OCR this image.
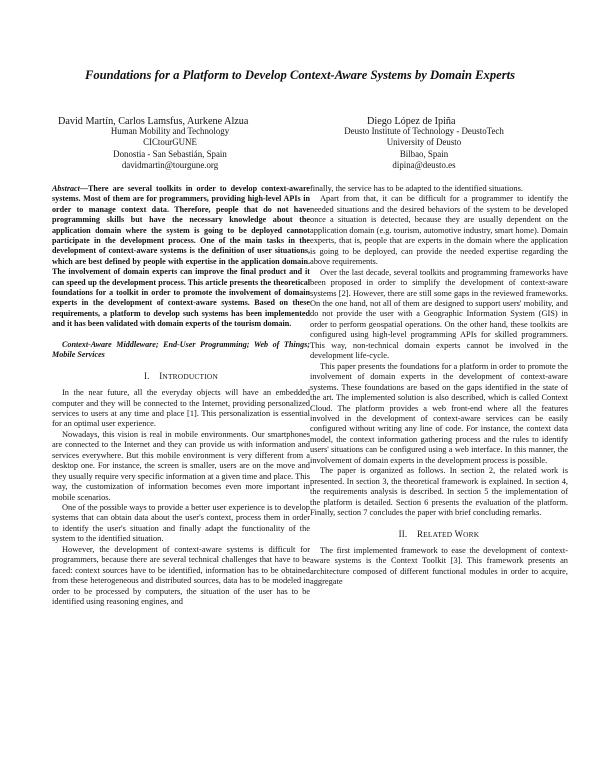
Foundations for a Platform to Develop Context-Aware Systems by Domain Experts
David Martín, Carlos Lamsfus, Aurkene Alzua
Human Mobility and Technology
CICtourGUNE
Donostia - San Sebastián, Spain
davidmartin@tourgune.org
Diego López de Ipiña
Deusto Institute of Technology - DeustoTech
University of Deusto
Bilbao, Spain
dipina@deusto.es

Abstract—There are several toolkits in order to develop context-aware systems. Most of them are for programmers, providing high-level APIs in order to manage context data. Therefore, people that do not have programming skills but have the necessary knowledge about the application domain where the system is going to be deployed cannot participate in the development process. One of the main tasks in the development of context-aware systems is the definition of user situations, which are best defined by people with expertise in the application domain. The involvement of domain experts can improve the final product and it can speed up the development process. This article presents the theoretical foundations for a toolkit in order to promote the involvement of domain experts in the development of context-aware systems. Based on these requirements, a platform to develop such systems has been implemented and it has been validated with domain experts of the tourism domain.

Context-Aware Middleware; End-User Programming; Web of Things; Mobile Services

I. INTRODUCTION

In the near future, all the everyday objects will have an embedded computer and they will be connected to the Internet, providing personalized services to users at any time and place [1]. This personalization is essential for an optimal user experience.

Nowadays, this vision is real in mobile environments. Our smartphones are connected to the Internet and they can provide us with information and services everywhere. But this mobile environment is very different from a desktop one. For instance, the screen is smaller, users are on the move and they usually require very specific information at a given time and place. This way, the customization of information becomes even more important in mobile scenarios.

One of the possible ways to provide a better user experience is to develop systems that can obtain data about the user's context, process them in order to identify the user's situation and finally adapt the functionality of the system to the identified situation.

However, the development of context-aware systems is difficult for programmers, because there are several technical challenges that have to be faced: context sources have to be identified, information has to be obtained from these heterogeneous and distributed sources, data has to be modeled in order to be processed by computers, the situation of the user has to be identified using reasoning engines, and

finally, the service has to be adapted to the identified situations.

Apart from that, it can be difficult for a programmer to identify the needed situations and the desired behaviors of the system to be developed once a situation is detected, because they are usually dependent on the application domain (e.g. tourism, automotive industry, smart home). Domain experts, that is, people that are experts in the domain where the application is going to be deployed, can provide the needed expertise regarding the above requirements.

Over the last decade, several toolkits and programming frameworks have been proposed in order to simplify the development of context-aware systems [2]. However, there are still some gaps in the reviewed frameworks. On the one hand, not all of them are designed to support users' mobility, and do not provide the user with a Geographic Information System (GIS) in order to perform geospatial operations. On the other hand, these toolkits are configured using high-level programming APIs for skilled programmers. This way, non-technical domain experts cannot be involved in the development life-cycle.

This paper presents the foundations for a platform in order to promote the involvement of domain experts in the development of context-aware systems. These foundations are based on the gaps identified in the state of the art. The implemented solution is also described, which is called Context Cloud. The platform provides a web front-end where all the features involved in the development of context-aware services can be easily configured without writing any line of code. For instance, the context data model, the context information gathering process and the rules to identify users' situations can be configured using a web interface. In this manner, the involvement of domain experts in the development process is possible.

The paper is organized as follows. In section 2, the related work is presented. In section 3, the theoretical framework is explained. In section 4, the requirements analysis is described. In section 5 the implementation of the platform is detailed. Section 6 presents the evaluation of the platform. Finally, section 7 concludes the paper with brief concluding remarks.

II. RELATED WORK

The first implemented framework to ease the development of context-aware systems is the Context Toolkit [3]. This framework presents an architecture composed of different functional modules in order to acquire, aggregate
